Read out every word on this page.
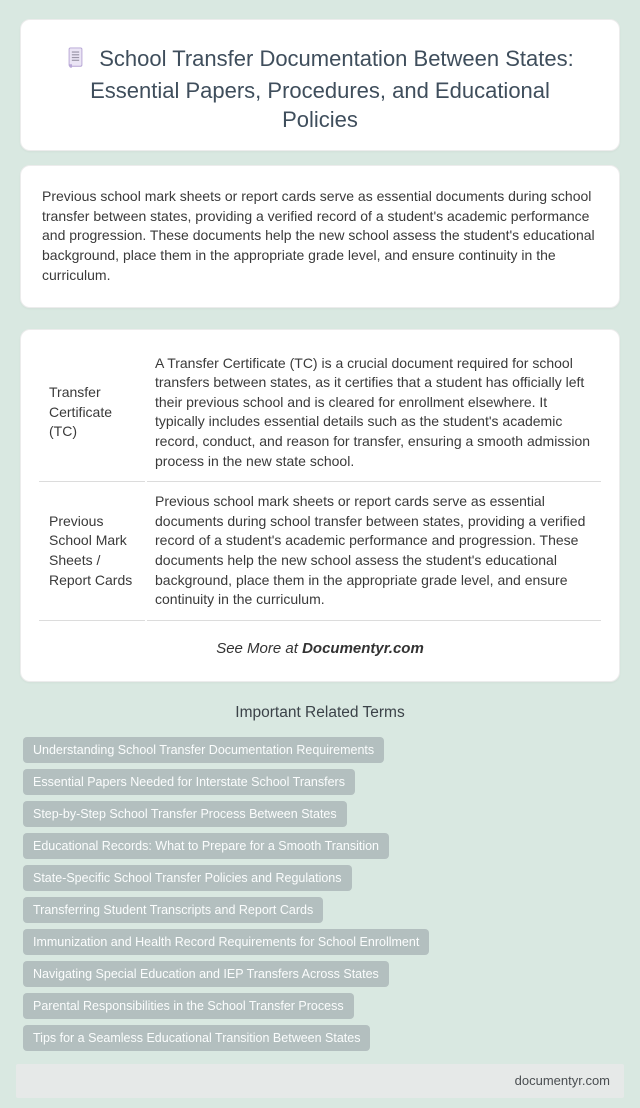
School Transfer Documentation Between States: Essential Papers, Procedures, and Educational Policies

Previous school mark sheets or report cards serve as essential documents during school transfer between states, providing a verified record of a student's academic performance and progression. These documents help the new school assess the student's educational background, place them in the appropriate grade level, and ensure continuity in the curriculum.

Transfer Certificate (TC)	A Transfer Certificate (TC) is a crucial document required for school transfers between states, as it certifies that a student has officially left their previous school and is cleared for enrollment elsewhere. It typically includes essential details such as the student's academic record, conduct, and reason for transfer, ensuring a smooth admission process in the new state school.
Previous School Mark Sheets / Report Cards	Previous school mark sheets or report cards serve as essential documents during school transfer between states, providing a verified record of a student's academic performance and progression. These documents help the new school assess the student's educational background, place them in the appropriate grade level, and ensure continuity in the curriculum.

See More at Documentyr.com

Important Related Terms
Understanding School Transfer Documentation Requirements
Essential Papers Needed for Interstate School Transfers
Step-by-Step School Transfer Process Between States
Educational Records: What to Prepare for a Smooth Transition
State-Specific School Transfer Policies and Regulations
Transferring Student Transcripts and Report Cards
Immunization and Health Record Requirements for School Enrollment
Navigating Special Education and IEP Transfers Across States
Parental Responsibilities in the School Transfer Process
Tips for a Seamless Educational Transition Between States
documentyr.com
